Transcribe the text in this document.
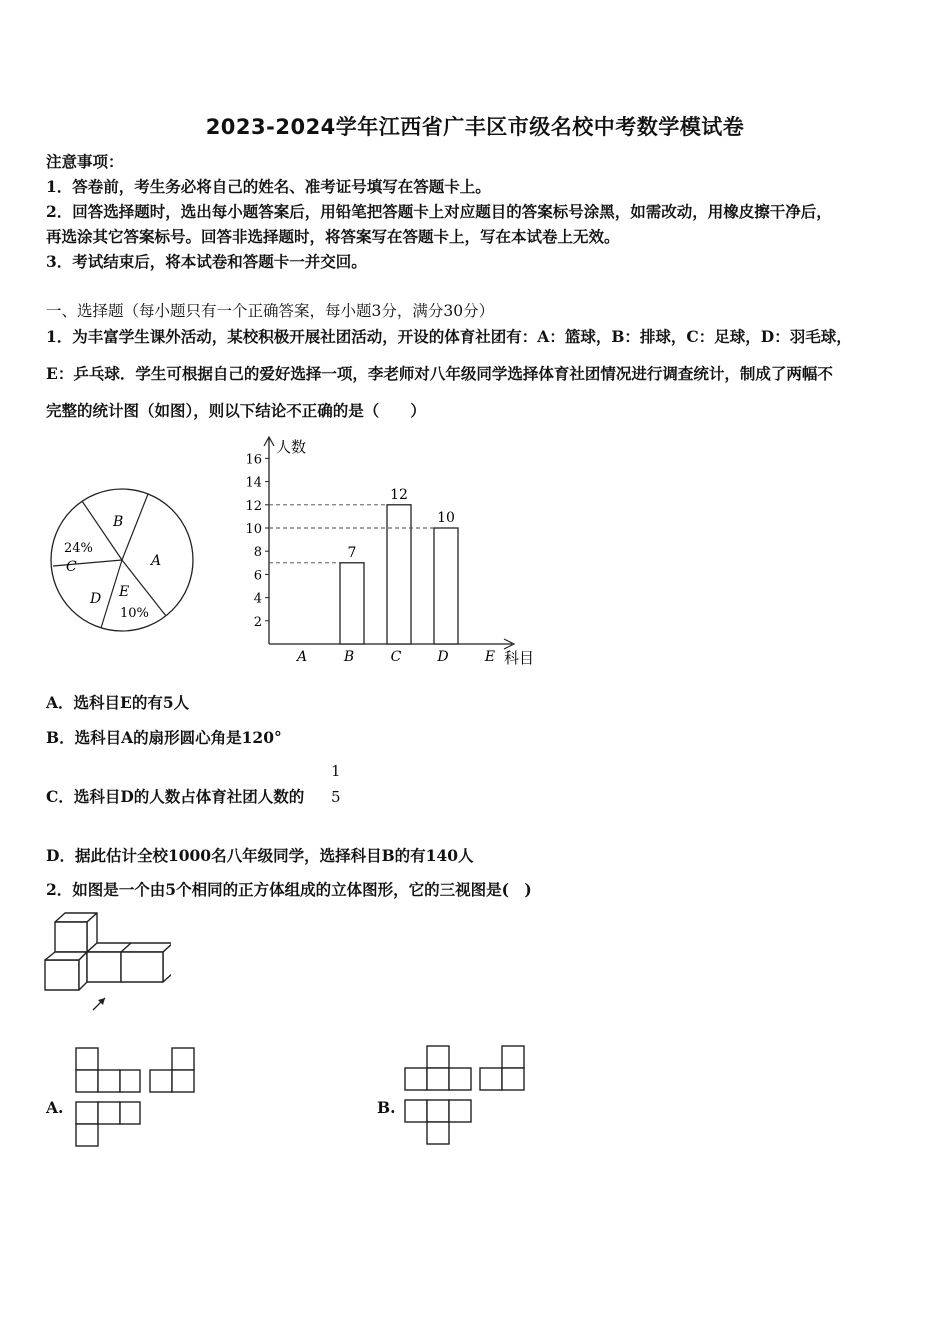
2023-2024学年江西省广丰区市级名校中考数学模试卷
注意事项：
1．答卷前，考生务必将自己的姓名、准考证号填写在答题卡上。
2．回答选择题时，选出每小题答案后，用铅笔把答题卡上对应题目的答案标号涂黑，如需改动，用橡皮擦干净后，
再选涂其它答案标号。回答非选择题时，将答案写在答题卡上，写在本试卷上无效。
3．考试结束后，将本试卷和答题卡一并交回。
一、选择题（每小题只有一个正确答案，每小题3分，满分30分）
1．为丰富学生课外活动，某校积极开展社团活动，开设的体育社团有：A：篮球，B：排球，C：足球，D：羽毛球，
E：乒乓球．学生可根据自己的爱好选择一项，李老师对八年级同学选择体育社团情况进行调查统计，制成了两幅不
完整的统计图（如图），则以下结论不正确的是（　　）
B
A
24%
C
D E
10%
人数
科目
2
4
6
8
10
12
14
16
A	B
7
C
12
D
10
E
A．选科目E的有5人
B．选科目A的扇形圆心角是120°
C．选科目D的人数占体育社团人数的
1
5
D．据此估计全校1000名八年级同学，选择科目B的有140人
2．如图是一个由5个相同的正方体组成的立体图形，它的三视图是(　)
A.	B.
